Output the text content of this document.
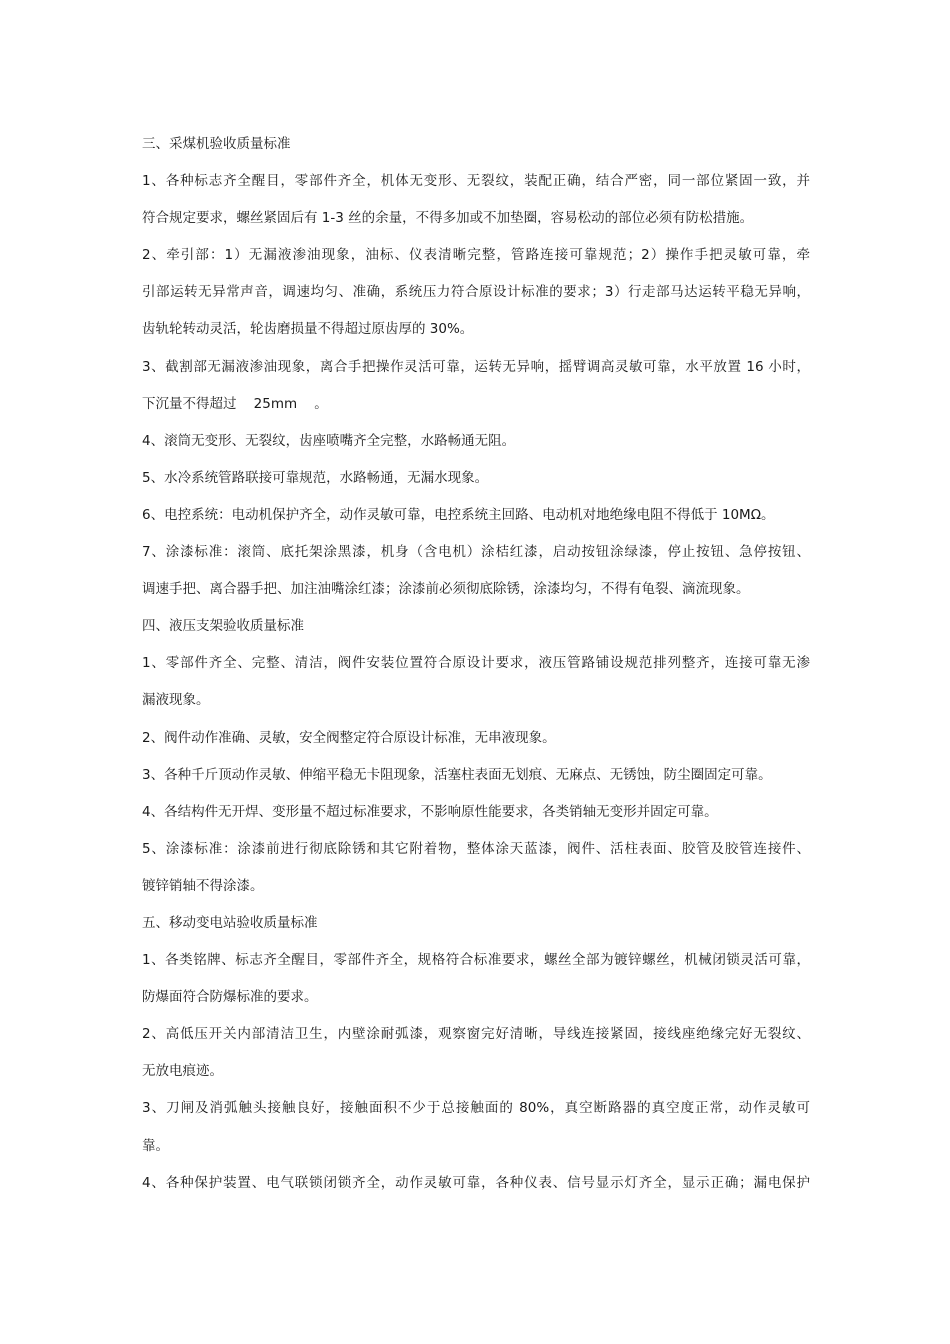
三、采煤机验收质量标准
1、各种标志齐全醒目，零部件齐全，机体无变形、无裂纹，装配正确，结合严密，同一部位紧固一致，并
符合规定要求，螺丝紧固后有 1-3 丝的余量，不得多加或不加垫圈，容易松动的部位必须有防松措施。
2、牵引部：1）无漏液渗油现象，油标、仪表清晰完整，管路连接可靠规范；2）操作手把灵敏可靠，牵
引部运转无异常声音，调速均匀、准确，系统压力符合原设计标准的要求；3）行走部马达运转平稳无异响，
齿轨轮转动灵活，轮齿磨损量不得超过原齿厚的 30%。
3、截割部无漏液渗油现象，离合手把操作灵活可靠，运转无异响，摇臂调高灵敏可靠，水平放置 16 小时，
下沉量不得超过    25mm    。
4、滚筒无变形、无裂纹，齿座喷嘴齐全完整，水路畅通无阻。
5、水冷系统管路联接可靠规范，水路畅通，无漏水现象。
6、电控系统：电动机保护齐全，动作灵敏可靠，电控系统主回路、电动机对地绝缘电阻不得低于 10MΩ。
7、涂漆标准：滚筒、底托架涂黑漆，机身（含电机）涂桔红漆，启动按钮涂绿漆，停止按钮、急停按钮、
调速手把、离合器手把、加注油嘴涂红漆；涂漆前必须彻底除锈，涂漆均匀，不得有龟裂、滴流现象。
四、液压支架验收质量标准
1、零部件齐全、完整、清洁，阀件安装位置符合原设计要求，液压管路铺设规范排列整齐，连接可靠无渗
漏液现象。
2、阀件动作准确、灵敏，安全阀整定符合原设计标准，无串液现象。
3、各种千斤顶动作灵敏、伸缩平稳无卡阻现象，活塞柱表面无划痕、无麻点、无锈蚀，防尘圈固定可靠。
4、各结构件无开焊、变形量不超过标准要求，不影响原性能要求，各类销轴无变形并固定可靠。
5、涂漆标准：涂漆前进行彻底除锈和其它附着物，整体涂天蓝漆，阀件、活柱表面、胶管及胶管连接件、
镀锌销轴不得涂漆。
五、移动变电站验收质量标准
1、各类铭牌、标志齐全醒目，零部件齐全，规格符合标准要求，螺丝全部为镀锌螺丝，机械闭锁灵活可靠，
防爆面符合防爆标准的要求。
2、高低压开关内部清洁卫生，内壁涂耐弧漆，观察窗完好清晰，导线连接紧固，接线座绝缘完好无裂纹、
无放电痕迹。
3、刀闸及消弧触头接触良好，接触面积不少于总接触面的 80%，真空断路器的真空度正常，动作灵敏可
靠。
4、各种保护装置、电气联锁闭锁齐全，动作灵敏可靠，各种仪表、信号显示灯齐全，显示正确；漏电保护
